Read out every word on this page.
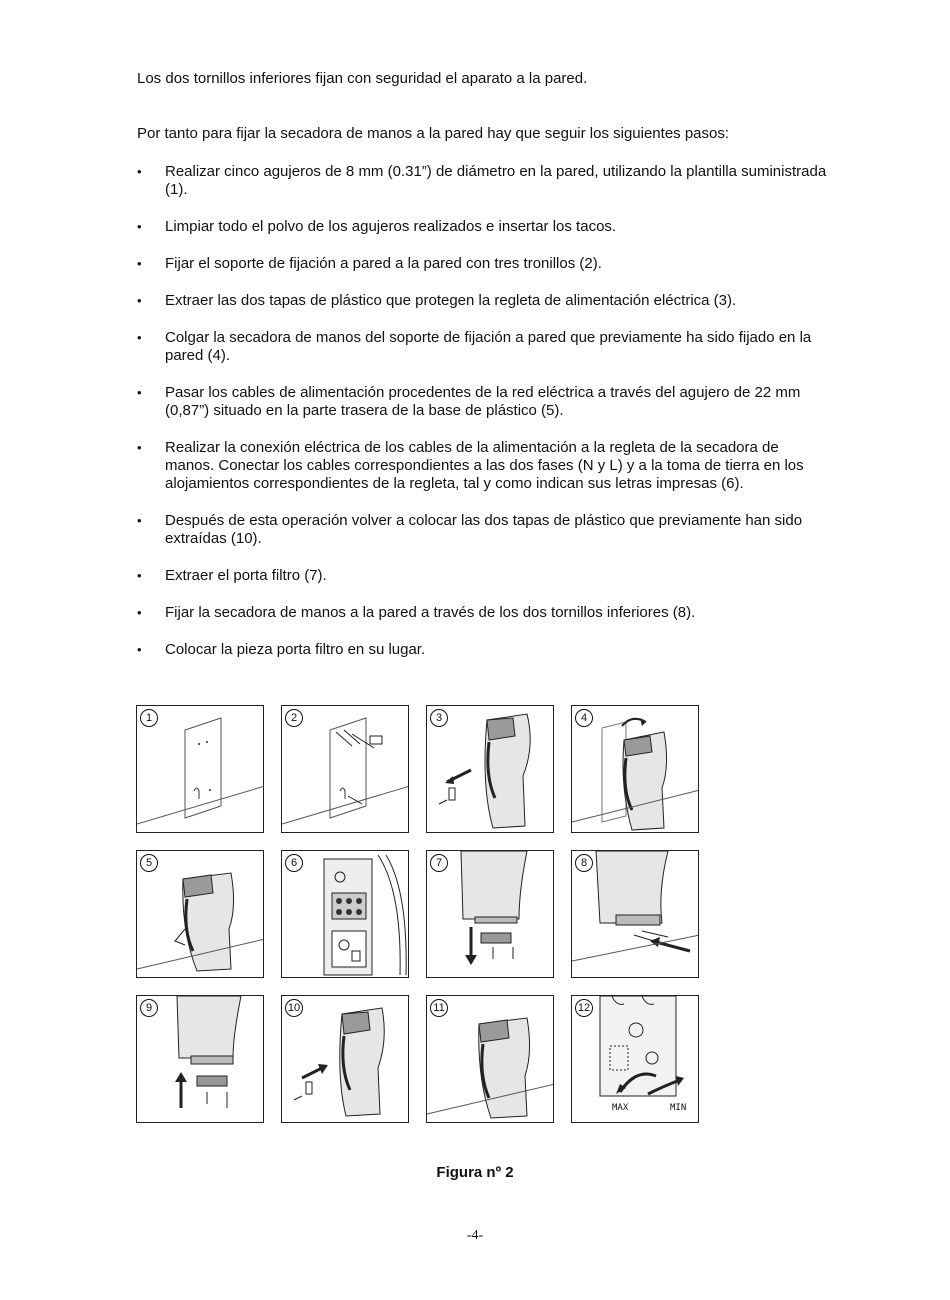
Los dos tornillos inferiores fijan con seguridad el aparato a la pared.

Por tanto para fijar la secadora de manos a la pared hay que seguir los siguientes pasos:

• Realizar cinco agujeros de 8 mm (0.31”) de diámetro en la pared, utilizando la plantilla suministrada (1).
• Limpiar todo el polvo de los agujeros realizados e insertar los tacos.
• Fijar el soporte de fijación a pared a la pared con tres tronillos (2).
• Extraer las dos tapas de plástico que protegen la regleta de alimentación eléctrica (3).
• Colgar la secadora de manos del soporte de fijación a pared que previamente ha sido fijado en la pared (4).
• Pasar los cables de alimentación procedentes de la red eléctrica a través del agujero de 22 mm (0,87”) situado en la parte trasera de la base de plástico (5).
• Realizar la conexión eléctrica de los cables de la alimentación a la regleta de la secadora de manos. Conectar los cables correspondientes a las dos fases (N y L) y a la toma de tierra en los alojamientos correspondientes de la regleta, tal y como indican sus letras impresas (6).
• Después de esta operación volver a colocar las dos tapas de plástico que previamente han sido extraídas (10).
• Extraer el porta filtro (7).
• Fijar la secadora de manos a la pared a través de los dos tornillos inferiores (8).
• Colocar la pieza porta filtro en su lugar.
1	2	3	4
5	6	7	8
9	10	11
MAX	MIN
12
Figura nº 2
-4-
